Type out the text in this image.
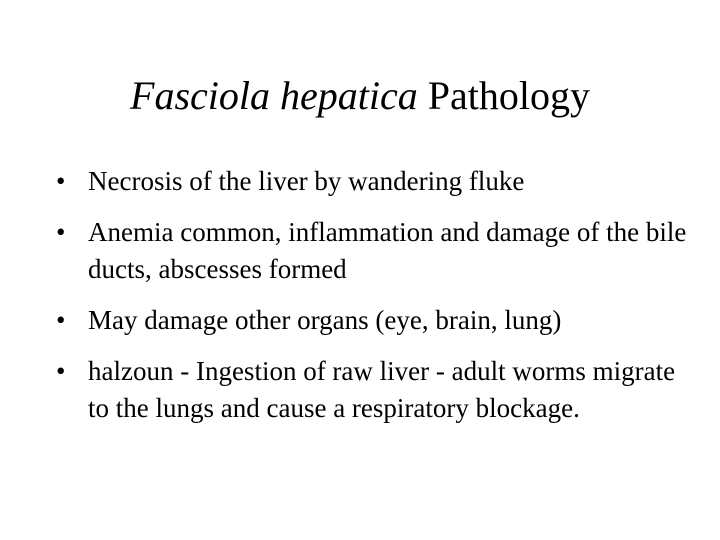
Fasciola hepatica Pathology
• Necrosis of the liver by wandering fluke
• Anemia common, inflammation and damage of the bile ducts, abscesses formed
• May damage other organs (eye, brain, lung)
• halzoun - Ingestion of raw liver - adult worms migrate to the lungs and cause a respiratory blockage.
